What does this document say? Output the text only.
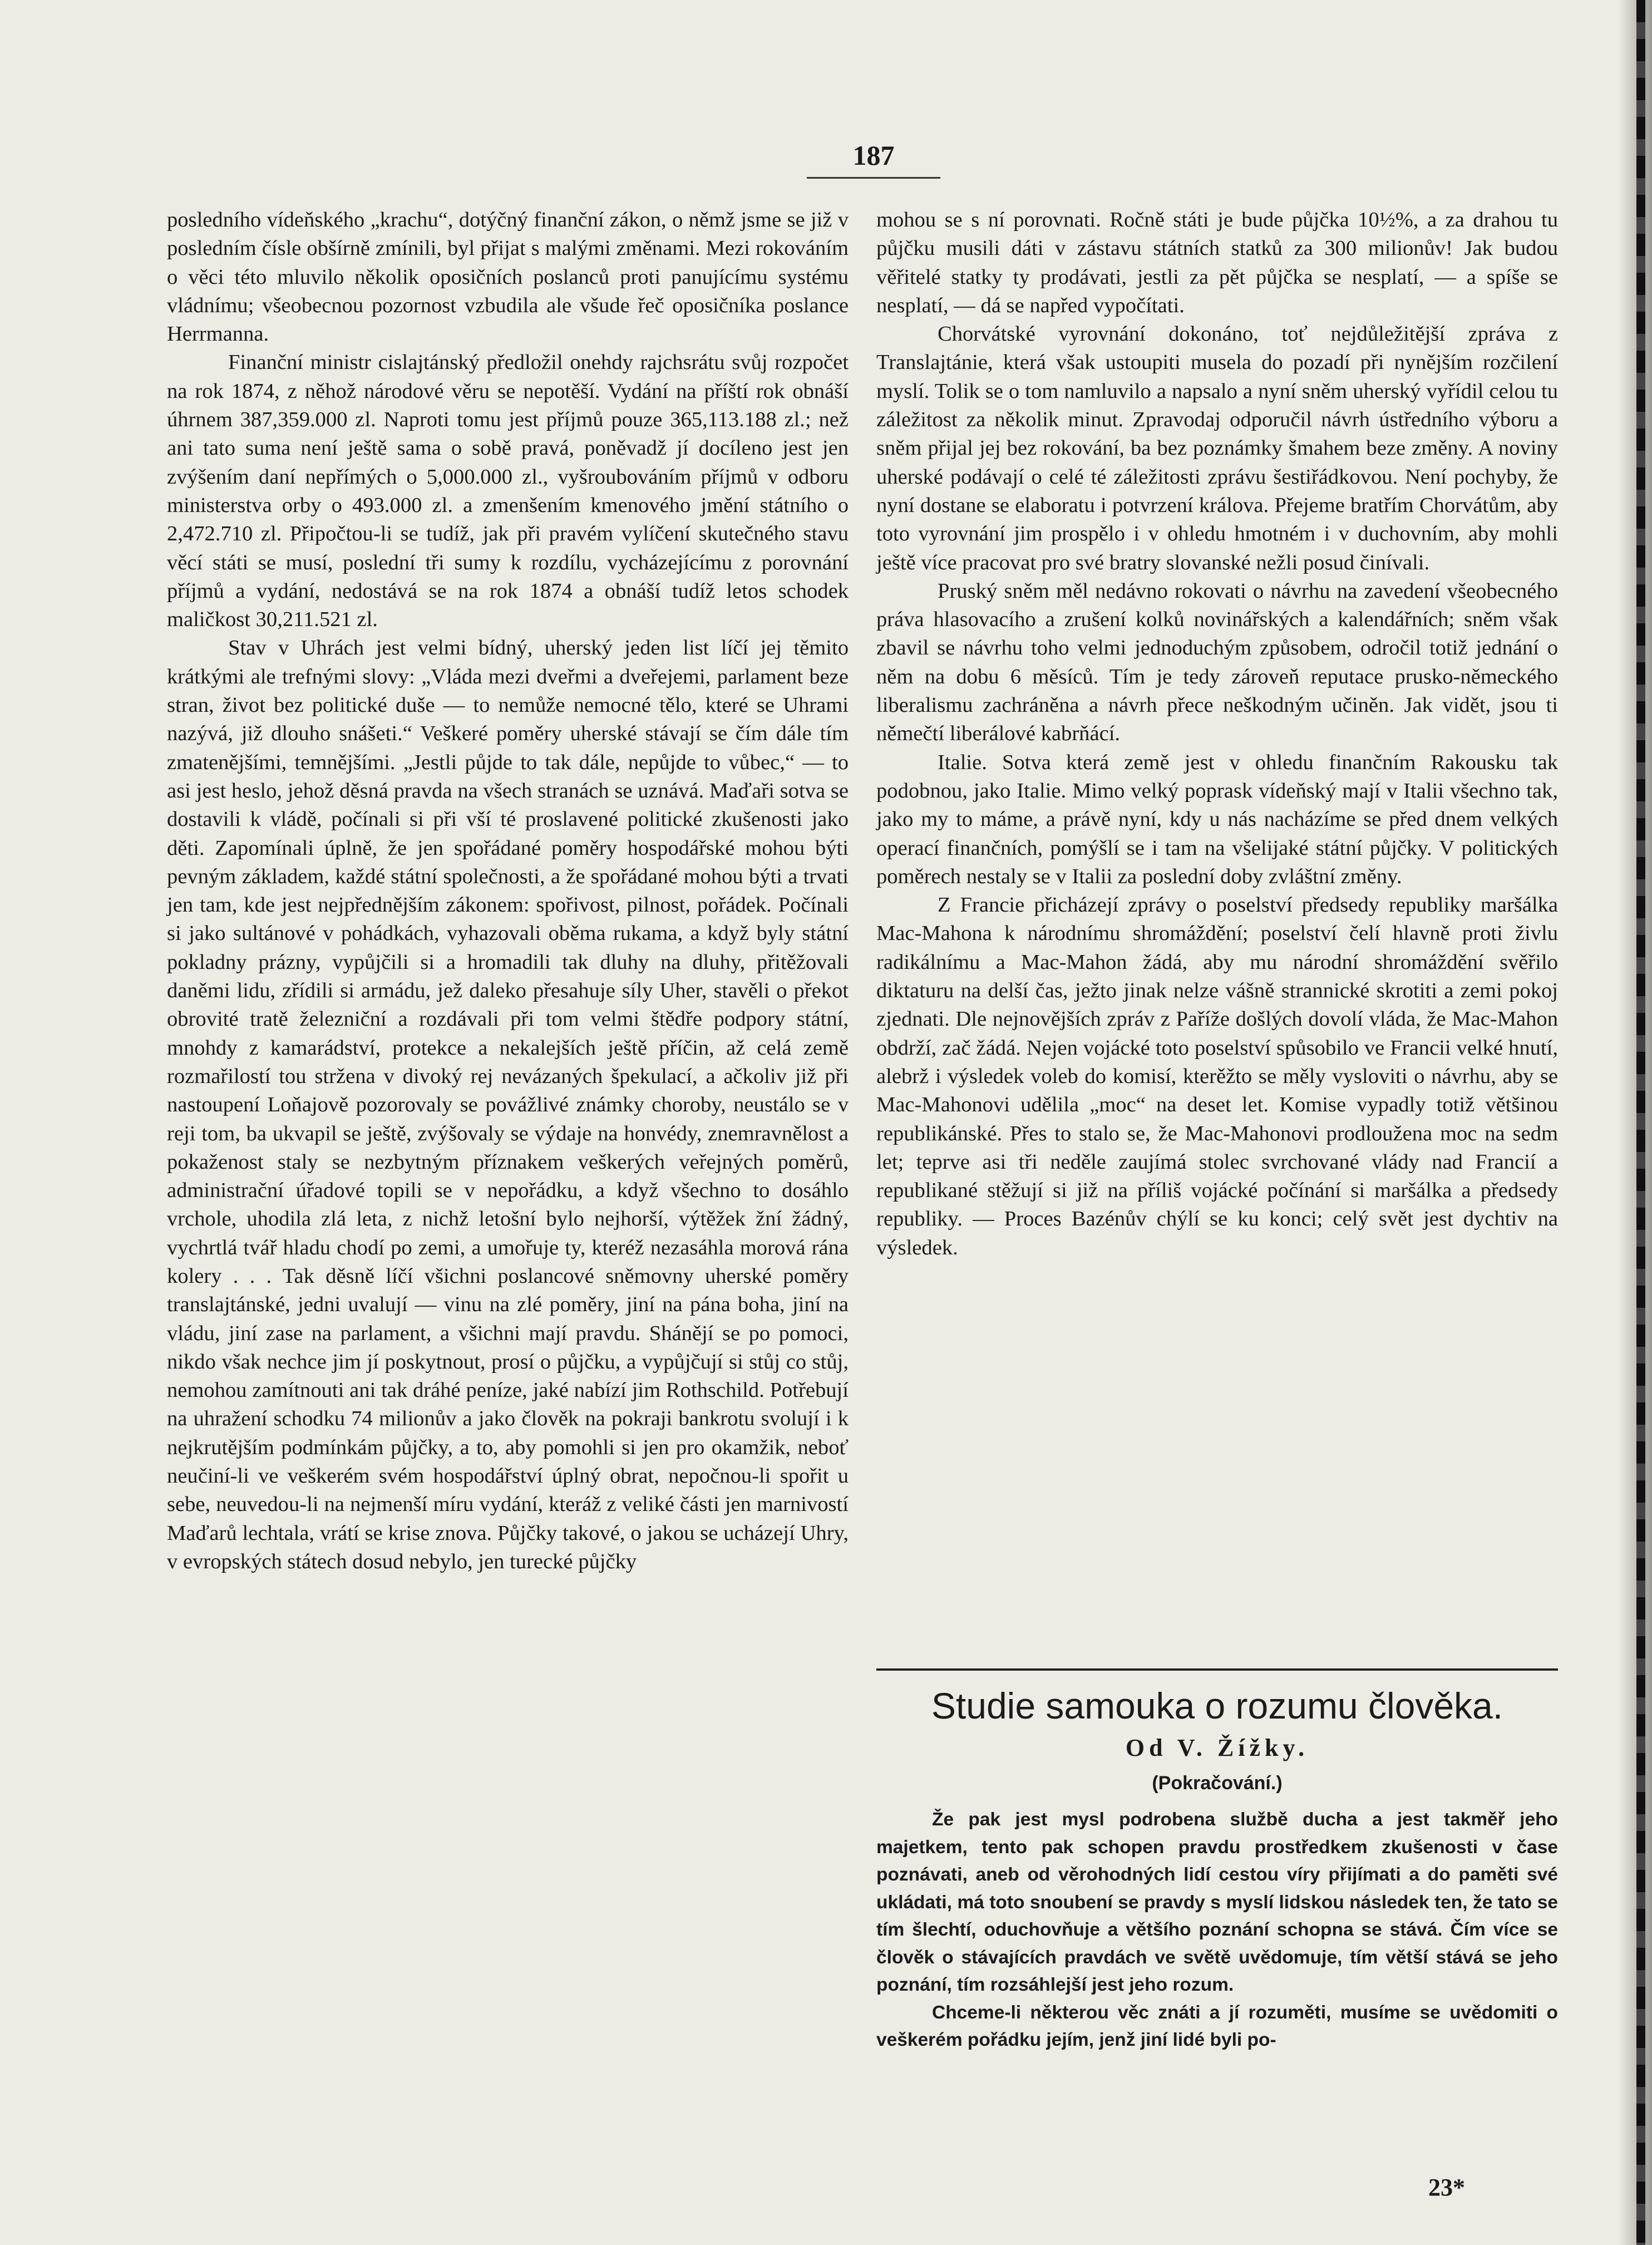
187

posledního vídeňského „krachu“, dotýčný finanční zákon, o němž jsme se již v posledním čísle obšírně zmínili, byl přijat s malými změnami. Mezi rokováním o věci této mluvilo několik oposičních poslanců proti panujícímu systému vládnímu; všeobecnou pozornost vzbudila ale všude řeč oposičníka poslance Herrmanna.

Finanční ministr cislajtánský předložil onehdy rajchsrátu svůj rozpočet na rok 1874, z něhož národové věru se nepotěší. Vydání na příští rok obnáší úhrnem 387,359.000 zl. Naproti tomu jest příjmů pouze 365,113.188 zl.; než ani tato suma není ještě sama o sobě pravá, poněvadž jí docíleno jest jen zvýšením daní nepřímých o 5,000.000 zl., vyšroubováním příjmů v odboru ministerstva orby o 493.000 zl. a zmenšením kmenového jmění státního o 2,472.710 zl. Připočtou-li se tudíž, jak při pravém vylíčení skutečného stavu věcí státi se musí, poslední tři sumy k rozdílu, vycházejícímu z porovnání příjmů a vydání, nedostává se na rok 1874 a obnáší tudíž letos schodek maličkost 30,211.521 zl.

Stav v Uhrách jest velmi bídný, uherský jeden list líčí jej těmito krátkými ale trefnými slovy: „Vláda mezi dveřmi a dveřejemi, parlament beze stran, život bez politické duše — to nemůže nemocné tělo, které se Uhrami nazývá, již dlouho snášeti.“ Veškeré poměry uherské stávají se čím dále tím zmatenějšími, temnějšími. „Jestli půjde to tak dále, nepůjde to vůbec,“ — to asi jest heslo, jehož děsná pravda na všech stranách se uznává. Maďaři sotva se dostavili k vládě, počínali si při vší té proslavené politické zkušenosti jako děti. Zapomínali úplně, že jen spořádané poměry hospodářské mohou býti pevným základem, každé státní společnosti, a že spořádané mohou býti a trvati jen tam, kde jest nejpřednějším zákonem: spořivost, pilnost, pořádek. Počínali si jako sultánové v pohádkách, vyhazovali oběma rukama, a když byly státní pokladny prázny, vypůjčili si a hromadili tak dluhy na dluhy, přitěžovali daněmi lidu, zřídili si armádu, jež daleko přesahuje síly Uher, stavěli o překot obrovité tratě železniční a rozdávali při tom velmi štědře podpory státní, mnohdy z kamarádství, protekce a nekalejších ještě příčin, až celá země rozmařilostí tou stržena v divoký rej nevázaných špekulací, a ačkoliv již při nastoupení Loňajově pozorovaly se povážlivé známky choroby, neustálo se v reji tom, ba ukvapil se ještě, zvýšovaly se výdaje na honvédy, znemravnělost a pokaženost staly se nezbytným příznakem veškerých veřejných poměrů, administrační úřadové topili se v nepořádku, a když všechno to dosáhlo vrchole, uhodila zlá leta, z nichž letošní bylo nejhorší, výtěžek žní žádný, vychrtlá tvář hladu chodí po zemi, a umořuje ty, kteréž nezasáhla morová rána kolery . . . Tak děsně líčí všichni poslancové sněmovny uherské poměry translajtánské, jedni uvalují — vinu na zlé poměry, jiní na pána boha, jiní na vládu, jiní zase na parlament, a všichni mají pravdu. Shánějí se po pomoci, nikdo však nechce jim jí poskytnout, prosí o půjčku, a vypůjčují si stůj co stůj, nemohou zamítnouti ani tak dráhé peníze, jaké nabízí jim Rothschild. Potřebují na uhražení schodku 74 milionův a jako člověk na pokraji bankrotu svolují i k nejkrutějším podmínkám půjčky, a to, aby pomohli si jen pro okamžik, neboť neučiní-li ve veškerém svém hospodářství úplný obrat, nepočnou-li spořit u sebe, neuvedou-li na nejmenší míru vydání, kteráž z veliké části jen marnivostí Maďarů lechtala, vrátí se krise znova. Půjčky takové, o jakou se ucházejí Uhry, v evropských státech dosud nebylo, jen turecké půjčky

mohou se s ní porovnati. Ročně státi je bude půjčka 10½%, a za drahou tu půjčku musili dáti v zástavu státních statků za 300 milionův! Jak budou věřitelé statky ty prodávati, jestli za pět půjčka se nesplatí, — a spíše se nesplatí, — dá se napřed vypočítati.

Chorvátské vyrovnání dokonáno, toť nejdůležitější zpráva z Translajtánie, která však ustoupiti musela do pozadí při nynějším rozčilení myslí. Tolik se o tom namluvilo a napsalo a nyní sněm uherský vyřídil celou tu záležitost za několik minut. Zpravodaj odporučil návrh ústředního výboru a sněm přijal jej bez rokování, ba bez poznámky šmahem beze změny. A noviny uherské podávají o celé té záležitosti zprávu šestiřádkovou. Není pochyby, že nyní dostane se elaboratu i potvrzení králova. Přejeme bratřím Chorvátům, aby toto vyrovnání jim prospělo i v ohledu hmotném i v duchovním, aby mohli ještě více pracovat pro své bratry slovanské nežli posud činívali.

Pruský sněm měl nedávno rokovati o návrhu na zavedení všeobecného práva hlasovacího a zrušení kolků novinářských a kalendářních; sněm však zbavil se návrhu toho velmi jednoduchým způsobem, odročil totiž jednání o něm na dobu 6 měsíců. Tím je tedy zároveň reputace prusko-německého liberalismu zachráněna a návrh přece neškodným učiněn. Jak vidět, jsou ti němečtí liberálové kabrňácí.

Italie. Sotva která země jest v ohledu finančním Rakousku tak podobnou, jako Italie. Mimo velký poprask vídeňský mají v Italii všechno tak, jako my to máme, a právě nyní, kdy u nás nacházíme se před dnem velkých operací finančních, pomýšlí se i tam na všelijaké státní půjčky. V politických poměrech nestaly se v Italii za poslední doby zvláštní změny.

Z Francie přicházejí zprávy o poselství předsedy republiky maršálka Mac-Mahona k národnímu shromáždění; poselství čelí hlavně proti živlu radikálnímu a Mac-Mahon žádá, aby mu národní shromáždění svěřilo diktaturu na delší čas, ježto jinak nelze vášně strannické skrotiti a zemi pokoj zjednati. Dle nejnovějších zpráv z Paříže došlých dovolí vláda, že Mac-Mahon obdrží, zač žádá. Nejen vojácké toto poselství spůsobilo ve Francii velké hnutí, alebrž i výsledek voleb do komisí, kterěžto se měly vysloviti o návrhu, aby se Mac-Mahonovi udělila „moc“ na deset let. Komise vypadly totiž většinou republikánské. Přes to stalo se, že Mac-Mahonovi prodloužena moc na sedm let; teprve asi tři neděle zaujímá stolec svrchované vlády nad Francií a republikané stěžují si již na příliš vojácké počínání si maršálka a předsedy republiky. — Proces Bazénův chýlí se ku konci; celý svět jest dychtiv na výsledek.

Studie samouka o rozumu člověka.
Od V. Žížky.
(Pokračování.)

Že pak jest mysl podrobena službě ducha a jest takměř jeho majetkem, tento pak schopen pravdu prostředkem zkušenosti v čase poznávati, aneb od věrohodných lidí cestou víry přijímati a do paměti své ukládati, má toto snoubení se pravdy s myslí lidskou následek ten, že tato se tím šlechtí, oduchovňuje a většího poznání schopna se stává. Čím více se člověk o stávajících pravdách ve světě uvědomuje, tím větší stává se jeho poznání, tím rozsáhlejší jest jeho rozum.

Chceme-li některou věc znáti a jí rozuměti, musíme se uvědomiti o veškerém pořádku jejím, jenž jiní lidé byli po-

23*
